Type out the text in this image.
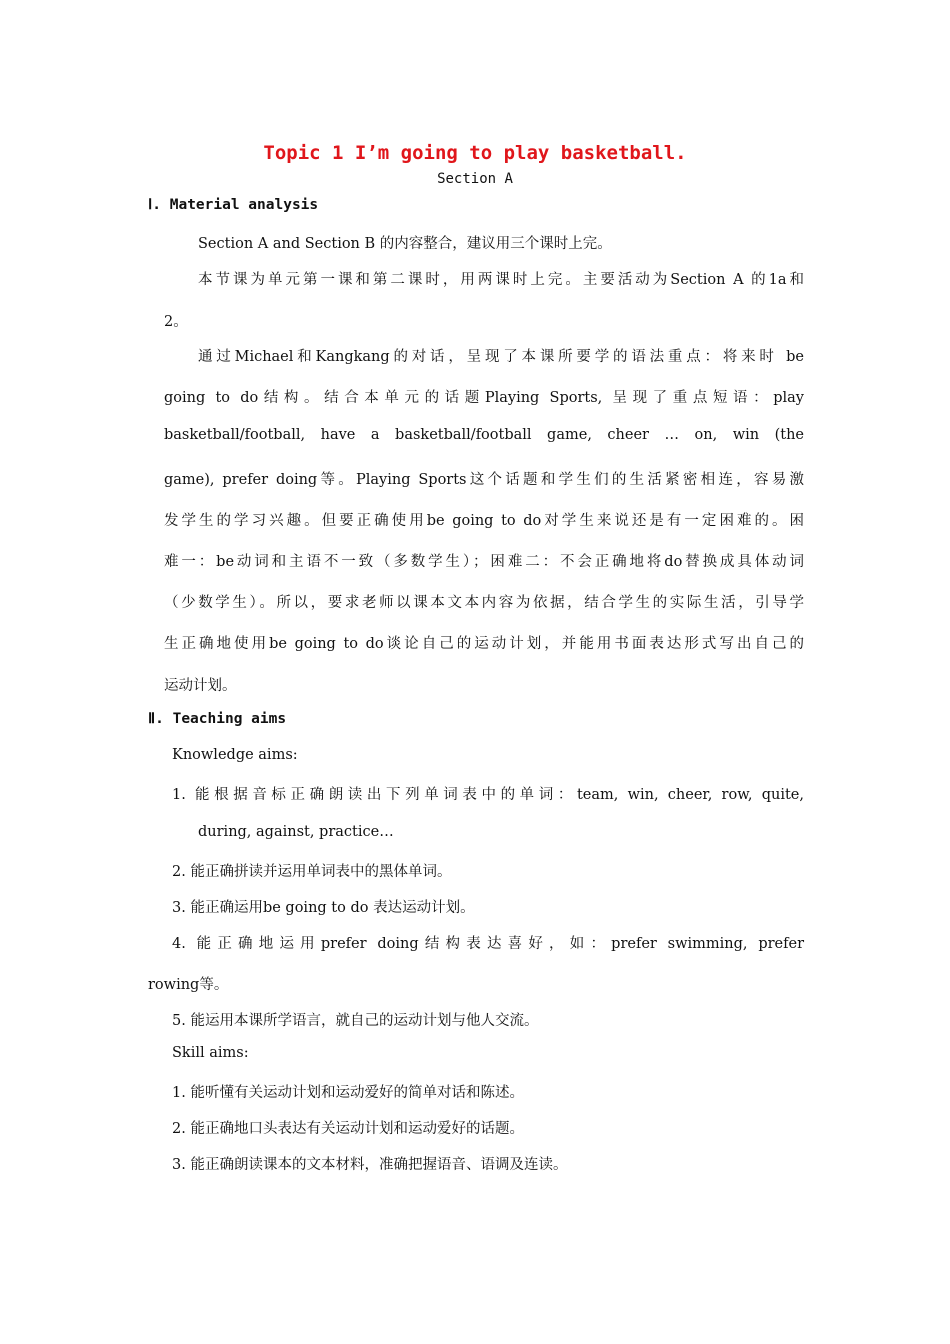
Topic 1 I’m going to play basketball.
Section A
Ⅰ. Material analysis
Section A and Section B 的内容整合，建议用三个课时上完。
本节课为单元第一课和第二课时，用两课时上完。主要活动为Section A 的1a和
2。
通过Michael和Kangkang的对话，呈现了本课所要学的语法重点：将来时 be
going to do结构。结合本单元的话题Playing Sports, 呈现了重点短语：play
basketball/football, have a basketball/football game, cheer … on, win (the
game), prefer doing等。Playing Sports这个话题和学生们的生活紧密相连，容易激
发学生的学习兴趣。但要正确使用be going to do对学生来说还是有一定困难的。困
难一：be动词和主语不一致（多数学生）；困难二：不会正确地将do替换成具体动词
（少数学生）。所以，要求老师以课本文本内容为依据，结合学生的实际生活，引导学
生正确地使用be going to do谈论自己的运动计划，并能用书面表达形式写出自己的
运动计划。
Ⅱ. Teaching aims
Knowledge aims:
1. 能根据音标正确朗读出下列单词表中的单词：team, win, cheer, row, quite,
during, against, practice…
2. 能正确拼读并运用单词表中的黑体单词。
3. 能正确运用be going to do 表达运动计划。
4. 能正确地运用prefer doing结构表达喜好，如：prefer swimming, prefer
rowing等。
5. 能运用本课所学语言，就自己的运动计划与他人交流。
Skill aims:
1. 能听懂有关运动计划和运动爱好的简单对话和陈述。
2. 能正确地口头表达有关运动计划和运动爱好的话题。
3. 能正确朗读课本的文本材料，准确把握语音、语调及连读。
